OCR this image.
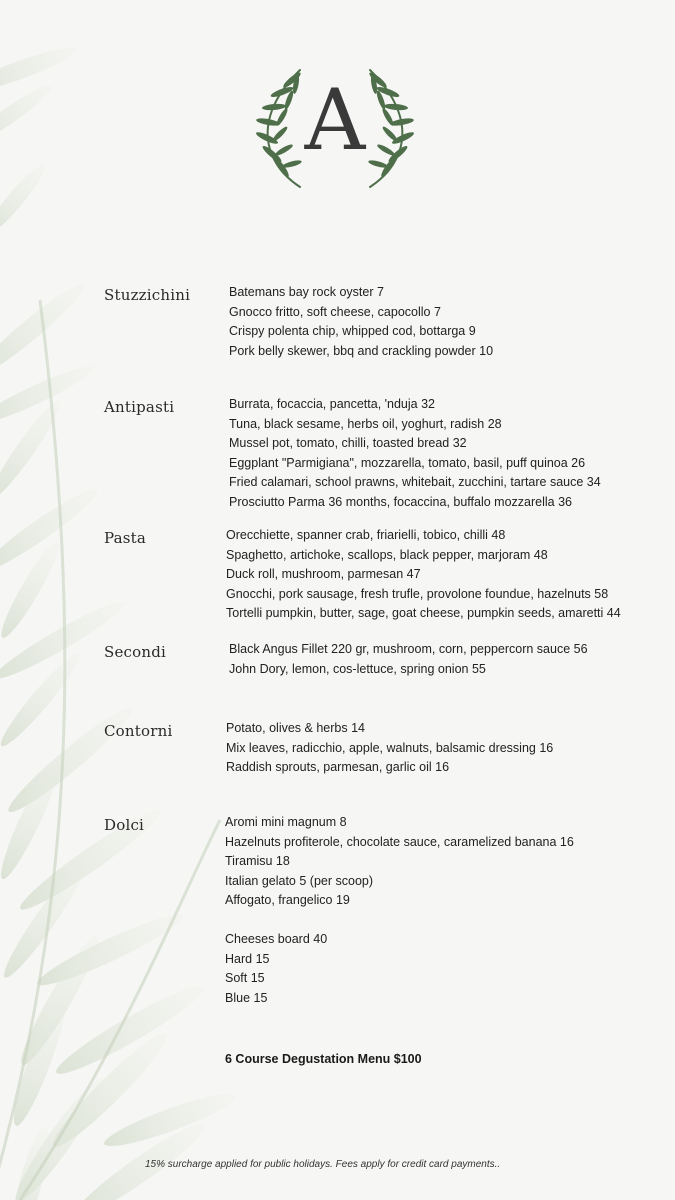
A
Stuzzichini	Batemans bay rock oyster 7
Gnocco fritto, soft cheese, capocollo 7
Crispy polenta chip, whipped cod, bottarga 9
Pork belly skewer, bbq and crackling powder 10
Antipasti	Burrata, focaccia, pancetta, 'nduja 32
Tuna, black sesame, herbs oil, yoghurt, radish 28
Mussel pot, tomato, chilli, toasted bread 32
Eggplant "Parmigiana", mozzarella, tomato, basil, puff quinoa 26
Fried calamari, school prawns, whitebait, zucchini, tartare sauce 34
Prosciutto Parma 36 months, focaccina, buffalo mozzarella 36
Pasta	Orecchiette, spanner crab, friarielli, tobico, chilli 48
Spaghetto, artichoke, scallops, black pepper, marjoram 48
Duck roll, mushroom, parmesan 47
Gnocchi, pork sausage, fresh trufle, provolone foundue, hazelnuts 58
Tortelli pumpkin, butter, sage, goat cheese, pumpkin seeds, amaretti 44
Secondi	Black Angus Fillet 220 gr, mushroom, corn, peppercorn sauce 56
John Dory, lemon, cos-lettuce, spring onion 55
Contorni	Potato, olives & herbs 14
Mix leaves, radicchio, apple, walnuts, balsamic dressing 16
Raddish sprouts, parmesan, garlic oil 16
Dolci	Aromi mini magnum 8
Hazelnuts profiterole, chocolate sauce, caramelized banana 16
Tiramisu 18
Italian gelato 5 (per scoop)
Affogato, frangelico 19
Cheeses board 40
Hard 15
Soft 15
Blue 15
6 Course Degustation Menu $100
15% surcharge applied for public holidays. Fees apply for credit card payments..
